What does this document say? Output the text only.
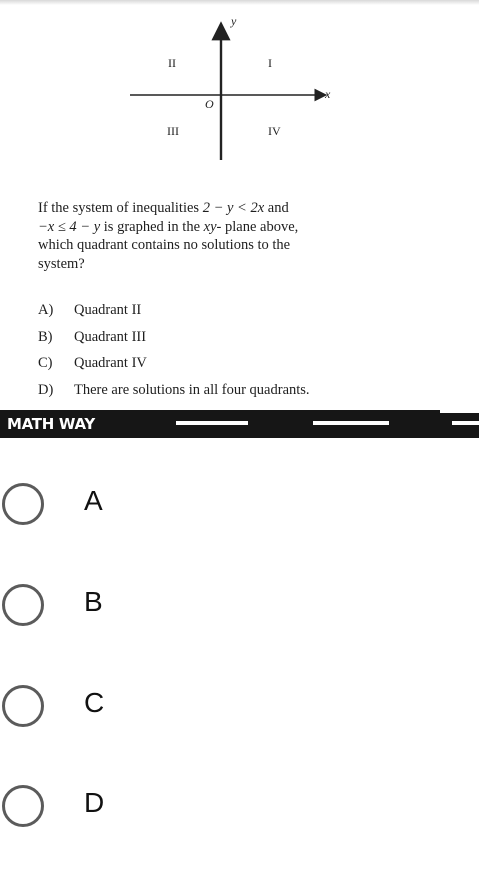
y
x
O
II	I
III	IV
If the system of inequalities 2 − y < 2x and
−x ≤ 4 − y is graphed in the xy- plane above,
which quadrant contains no solutions to the
system?
A)	Quadrant II
B)	Quadrant III
C)	Quadrant IV
D)	There are solutions in all four quadrants.
MATH WAY
A
B
C
D
